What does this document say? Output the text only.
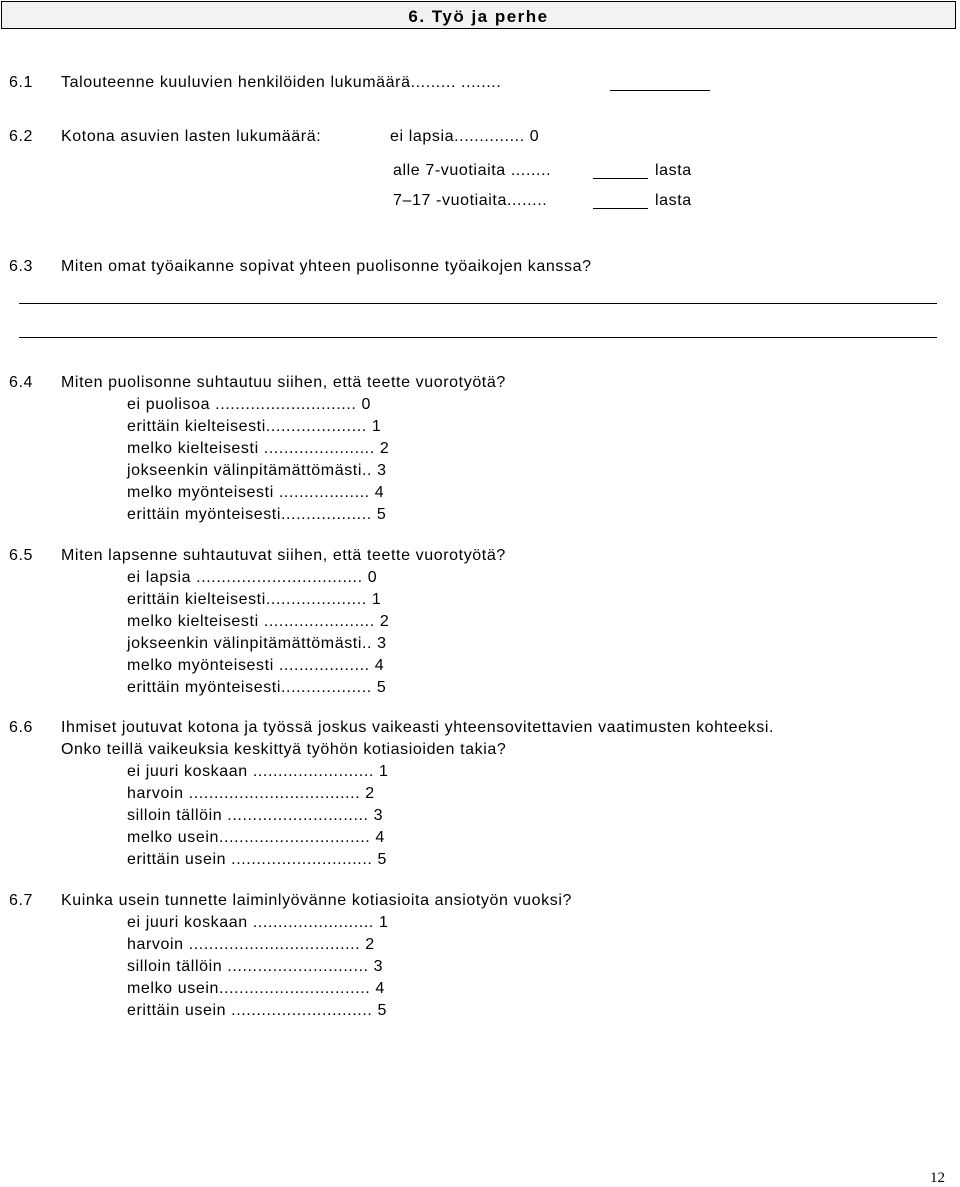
6. Työ ja perhe
6.1 Talouteenne kuuluvien henkilöiden lukumäärä......... ........
6.2 Kotona asuvien lasten lukumäärä:	ei lapsia.............. 0
alle 7-vuotiaita ........	lasta
7–17 -vuotiaita........	lasta
6.3 Miten omat työaikanne sopivat yhteen puolisonne työaikojen kanssa?
6.4 Miten puolisonne suhtautuu siihen, että teette vuorotyötä?
ei puolisoa ............................ 0
erittäin kielteisesti.................... 1
melko kielteisesti ...................... 2
jokseenkin välinpitämättömästi.. 3
melko myönteisesti .................. 4
erittäin myönteisesti.................. 5
6.5 Miten lapsenne suhtautuvat siihen, että teette vuorotyötä?
ei lapsia ................................. 0
erittäin kielteisesti.................... 1
melko kielteisesti ...................... 2
jokseenkin välinpitämättömästi.. 3
melko myönteisesti .................. 4
erittäin myönteisesti.................. 5
6.6 Ihmiset joutuvat kotona ja työssä joskus vaikeasti yhteensovitettavien vaatimusten kohteeksi.
Onko teillä vaikeuksia keskittyä työhön kotiasioiden takia?
ei juuri koskaan ........................ 1
harvoin .................................. 2
silloin tällöin ............................ 3
melko usein.............................. 4
erittäin usein ............................ 5
6.7 Kuinka usein tunnette laiminlyövänne kotiasioita ansiotyön vuoksi?
ei juuri koskaan ........................ 1
harvoin .................................. 2
silloin tällöin ............................ 3
melko usein.............................. 4
erittäin usein ............................ 5
12
